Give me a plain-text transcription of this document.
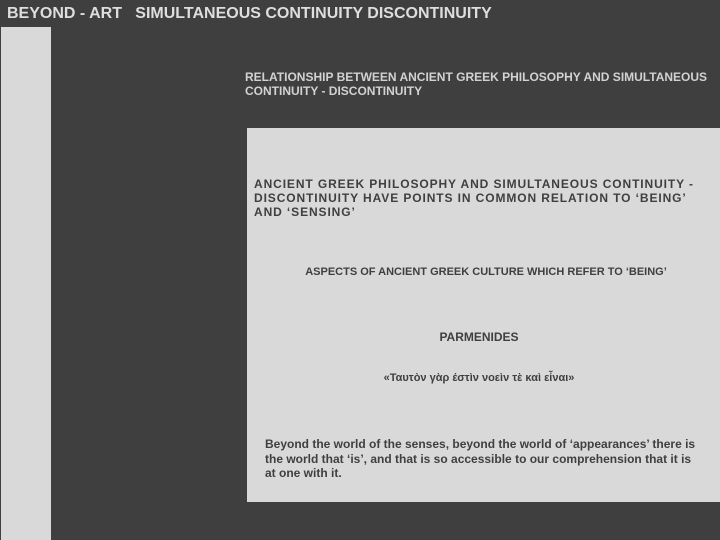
BEYOND - ART   SIMULTANEOUS CONTINUITY DISCONTINUITY
RELATIONSHIP BETWEEN ANCIENT GREEK PHILOSOPHY AND SIMULTANEOUS CONTINUITY - DISCONTINUITY
ANCIENT GREEK PHILOSOPHY AND SIMULTANEOUS CONTINUITY - DISCONTINUITY HAVE POINTS IN COMMON RELATION TO ‘BEING’ AND ‘SENSING’
ASPECTS OF ANCIENT GREEK CULTURE WHICH REFER TO ‘BEING’

PARMENIDES

«Ταυτὸν γὰρ έστὶν νοεὶν τὲ καὶ εἶναι»

Beyond the world of the senses, beyond the world of ‘appearances’ there is the world that ‘is’, and that is so accessible to our comprehension that it is at one with it.
